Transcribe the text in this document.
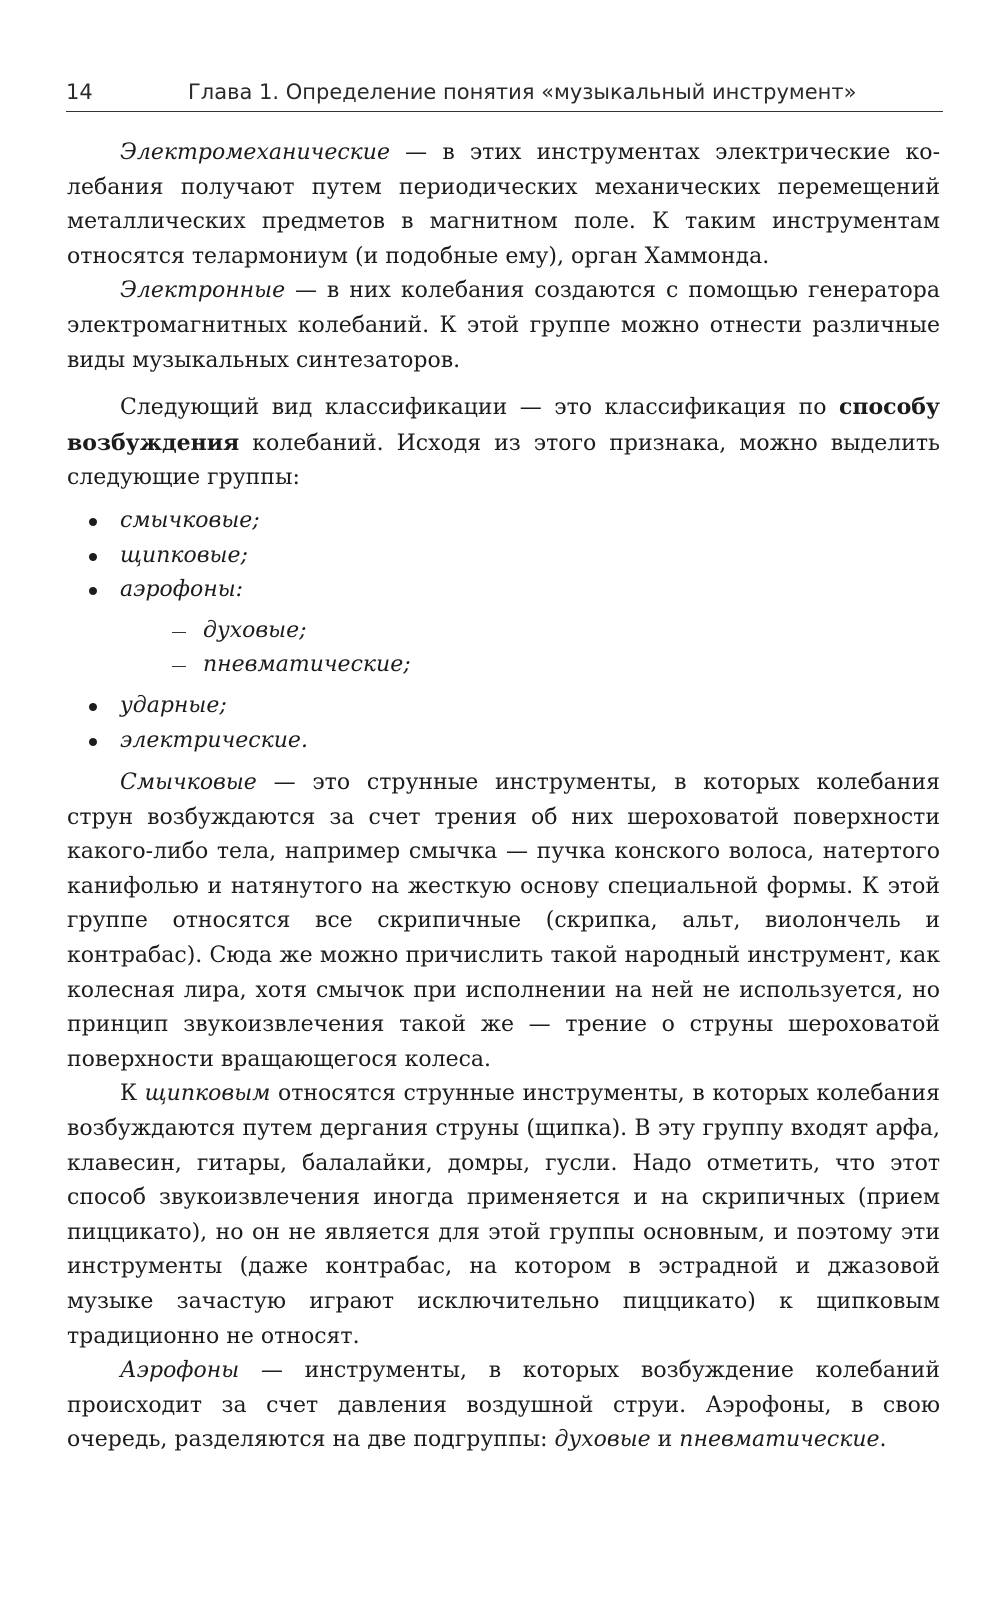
14	Глава 1. Определение понятия «музыкальный инструмент»

Электромеханические — в этих инструментах электрические колебания получают путем периодических механических перемещений металлических предметов в магнитном поле. К таким инструментам относятся телармониум (и подобные ему), орган Хаммонда.

Электронные — в них колебания создаются с помощью генератора электромагнитных колебаний. К этой группе можно отнести различные виды музыкальных синтезаторов.

Следующий вид классификации — это классификация по способу возбуждения колебаний. Исходя из этого признака, можно выделить следующие группы:

смычковые;
щипковые;
аэрофоны:
духовые;
пневматические;
ударные;
электрические.

Смычковые — это струнные инструменты, в которых колебания струн возбуждаются за счет трения об них шероховатой поверхности какого-либо тела, например смычка — пучка конского волоса, натертого канифолью и натянутого на жесткую основу специальной формы. К этой группе относятся все скрипичные (скрипка, альт, виолончель и контрабас). Сюда же можно причислить такой народный инструмент, как колесная лира, хотя смычок при исполнении на ней не используется, но принцип звукоизвлечения такой же — трение о струны шероховатой поверхности вращающегося колеса.

К щипковым относятся струнные инструменты, в которых колебания возбуждаются путем дергания струны (щипка). В эту группу входят арфа, клавесин, гитары, балалайки, домры, гусли. Надо отметить, что этот способ звукоизвлечения иногда применяется и на скрипичных (прием пиццикато), но он не является для этой группы основным, и поэтому эти инструменты (даже контрабас, на котором в эстрадной и джазовой музыке зачастую играют исключительно пиццикато) к щипковым традиционно не относят.

Аэрофоны — инструменты, в которых возбуждение колебаний происходит за счет давления воздушной струи. Аэрофоны, в свою очередь, разделяются на две подгруппы: духовые и пневматические.
